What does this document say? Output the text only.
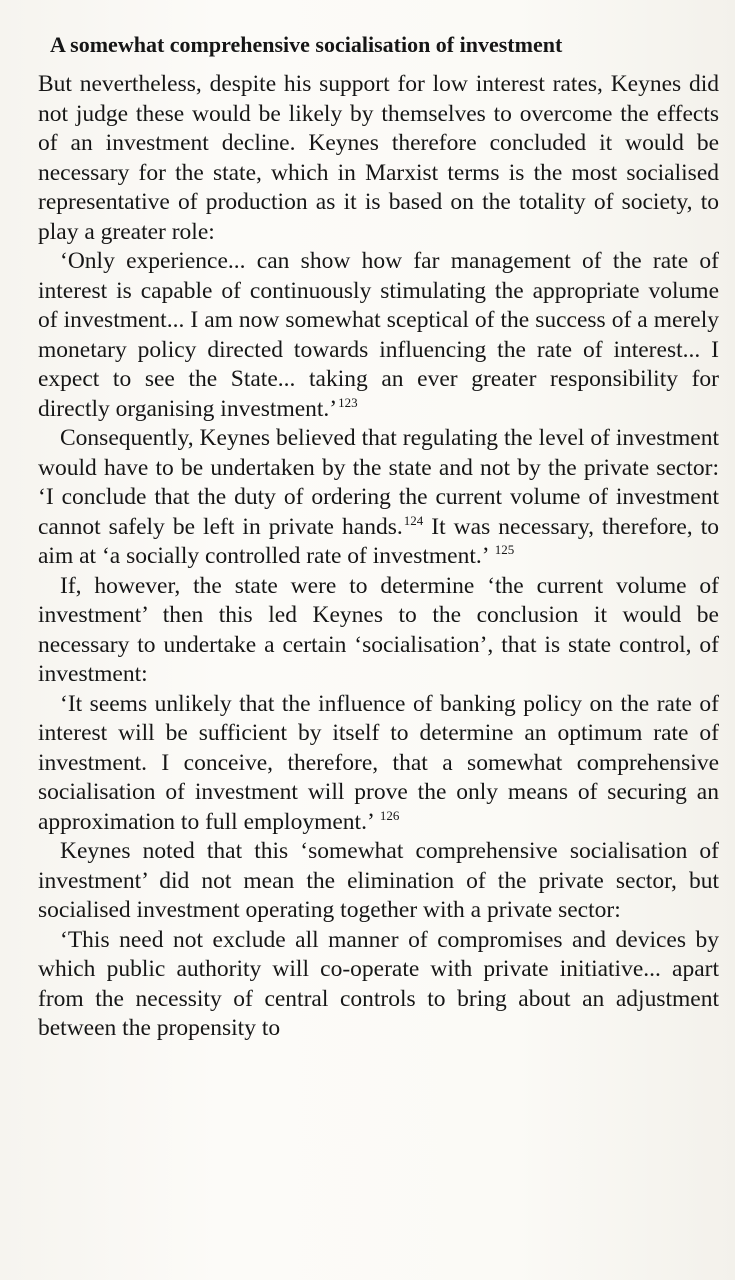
A somewhat comprehensive socialisation of investment

But nevertheless, despite his support for low interest rates, Keynes did not judge these would be likely by themselves to overcome the effects of an investment decline. Keynes therefore concluded it would be necessary for the state, which in Marxist terms is the most socialised representative of production as it is based on the totality of society, to play a greater role:

‘Only experience... can show how far management of the rate of interest is capable of continuously stimulating the appropriate volume of investment... I am now somewhat sceptical of the success of a merely monetary policy directed towards influencing the rate of interest... I expect to see the State... taking an ever greater responsibility for directly organising investment.’$^{123}$

Consequently, Keynes believed that regulating the level of investment would have to be undertaken by the state and not by the private sector: ‘I conclude that the duty of ordering the current volume of investment cannot safely be left in private hands.$^{124}$ It was necessary, therefore, to aim at ‘a socially controlled rate of investment.’ $^{125}$

If, however, the state were to determine ‘the current volume of investment’ then this led Keynes to the conclusion it would be necessary to undertake a certain ‘socialisation’, that is state control, of investment:

‘It seems unlikely that the influence of banking policy on the rate of interest will be sufficient by itself to determine an optimum rate of investment. I conceive, therefore, that a somewhat comprehensive socialisation of investment will prove the only means of securing an approximation to full employment.’ $^{126}$

Keynes noted that this ‘somewhat comprehensive socialisation of investment’ did not mean the elimination of the private sector, but socialised investment operating together with a private sector:

‘This need not exclude all manner of compromises and devices by which public authority will co-operate with private initiative... apart from the necessity of central controls to bring about an adjustment between the propensity to
